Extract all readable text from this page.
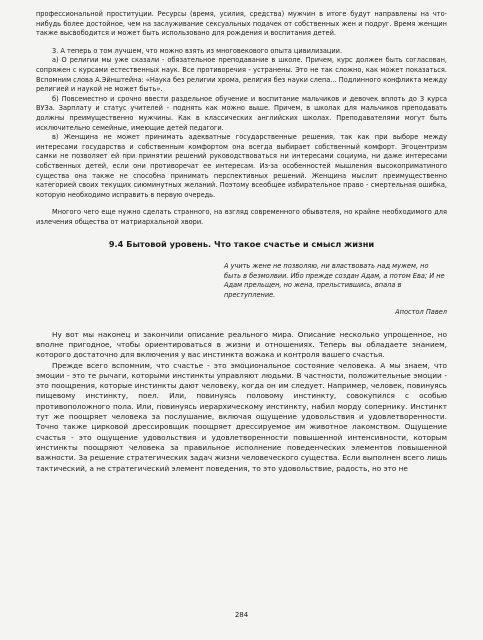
профессиональной проституции. Ресурсы (время, усилия, средства) мужчин в итоге будут направлены на что-нибудь более достойное, чем на заслуживание сексуальных подачек от собственных жен и подруг. Время женщин также высвободится и может быть использовано для рождения и воспитания детей.

3. А теперь о том лучшем, что можно взять из многовекового опыта цивилизации.

а) О религии мы уже сказали - обязательное преподавание в школе. Причем, курс должен быть согласован, сопряжен с курсами естественных наук. Все противоречия - устранены. Это не так сложно, как может показаться. Вспомним слова А.Эйнштейна: «Наука без религии хрома, религия без науки слепа... Подлинного конфликта между религией и наукой не может быть».

б) Повсеместно и срочно ввести раздельное обучение и воспитание мальчиков и девочек вплоть до 3 курса ВУЗа. Зарплату и статус учителей - поднять как можно выше. Причем, в школах для мальчиков преподавать должны преимущественно мужчины. Как в классических английских школах. Преподавателями могут быть исключительно семейные, имеющие детей педагоги.

в) Женщина не может принимать адекватные государственные решения, так как при выборе между интересами государства и собственным комфортом она всегда выбирает собственный комфорт. Эгоцентризм самки не позволяет ей при принятии решений руководствоваться ни интересами социума, ни даже интересами собственных детей, если они противоречат ее интересам. Из-за особенностей мышления высокоприматиного существа она также не способна принимать перспективных решений. Женщина мыслит преимущественно категорией своих текущих сиюминутных желаний. Поэтому всеобщее избирательное право - смертельная ошибка, которую необходимо исправить в первую очередь.

Многого чего еще нужно сделать странного, на взгляд современного обывателя, но крайне необходимого для излечения общества от матриархальной хвори.

9.4 Бытовой уровень. Что такое счастье и смысл жизни

А учить жене не позволяю, ни властвовать над мужем, но быть в безмолвии. Ибо прежде создан Адам, а потом Ева; И не Адам прельщен, но жена, прельстившись, впала в преступление.

Апостол Павел

Ну вот мы наконец и закончили описание реального мира. Описание несколько упрощенное, но вполне пригодное, чтобы ориентироваться в жизни и отношениях. Теперь вы обладаете знанием, которого достаточно для включения у вас инстинкта вожака и контроля вашего счастья.

Прежде всего вспомним, что счастье - это эмоциональное состояние человека. А мы знаем, что эмоции - это те рычаги, которыми инстинкты управляют людьми. В частности, положительные эмоции - это поощрения, которые инстинкты дают человеку, когда он им следует. Например, человек, повинуясь пищевому инстинкту, поел. Или, повинуясь половому инстинкту, совокупился с особью противоположного пола. Или, повинуясь иерархическому инстинкту, набил морду сопернику. Инстинкт тут же поощряет человека за послушание, включая ощущение удовольствия и удовлетворенности. Точно также цирковой дрессировщик поощряет дрессируемое им животное лакомством. Ощущение счастья - это ощущение удовольствия и удовлетворенности повышенной интенсивности, которым инстинкты поощряют человека за правильное исполнение поведенческих элементов повышенной важности. За решение стратегических задач жизни человеческого существа. Если выполнен всего лишь тактический, а не стратегический элемент поведения, то это удовольствие, радость, но это не

284
